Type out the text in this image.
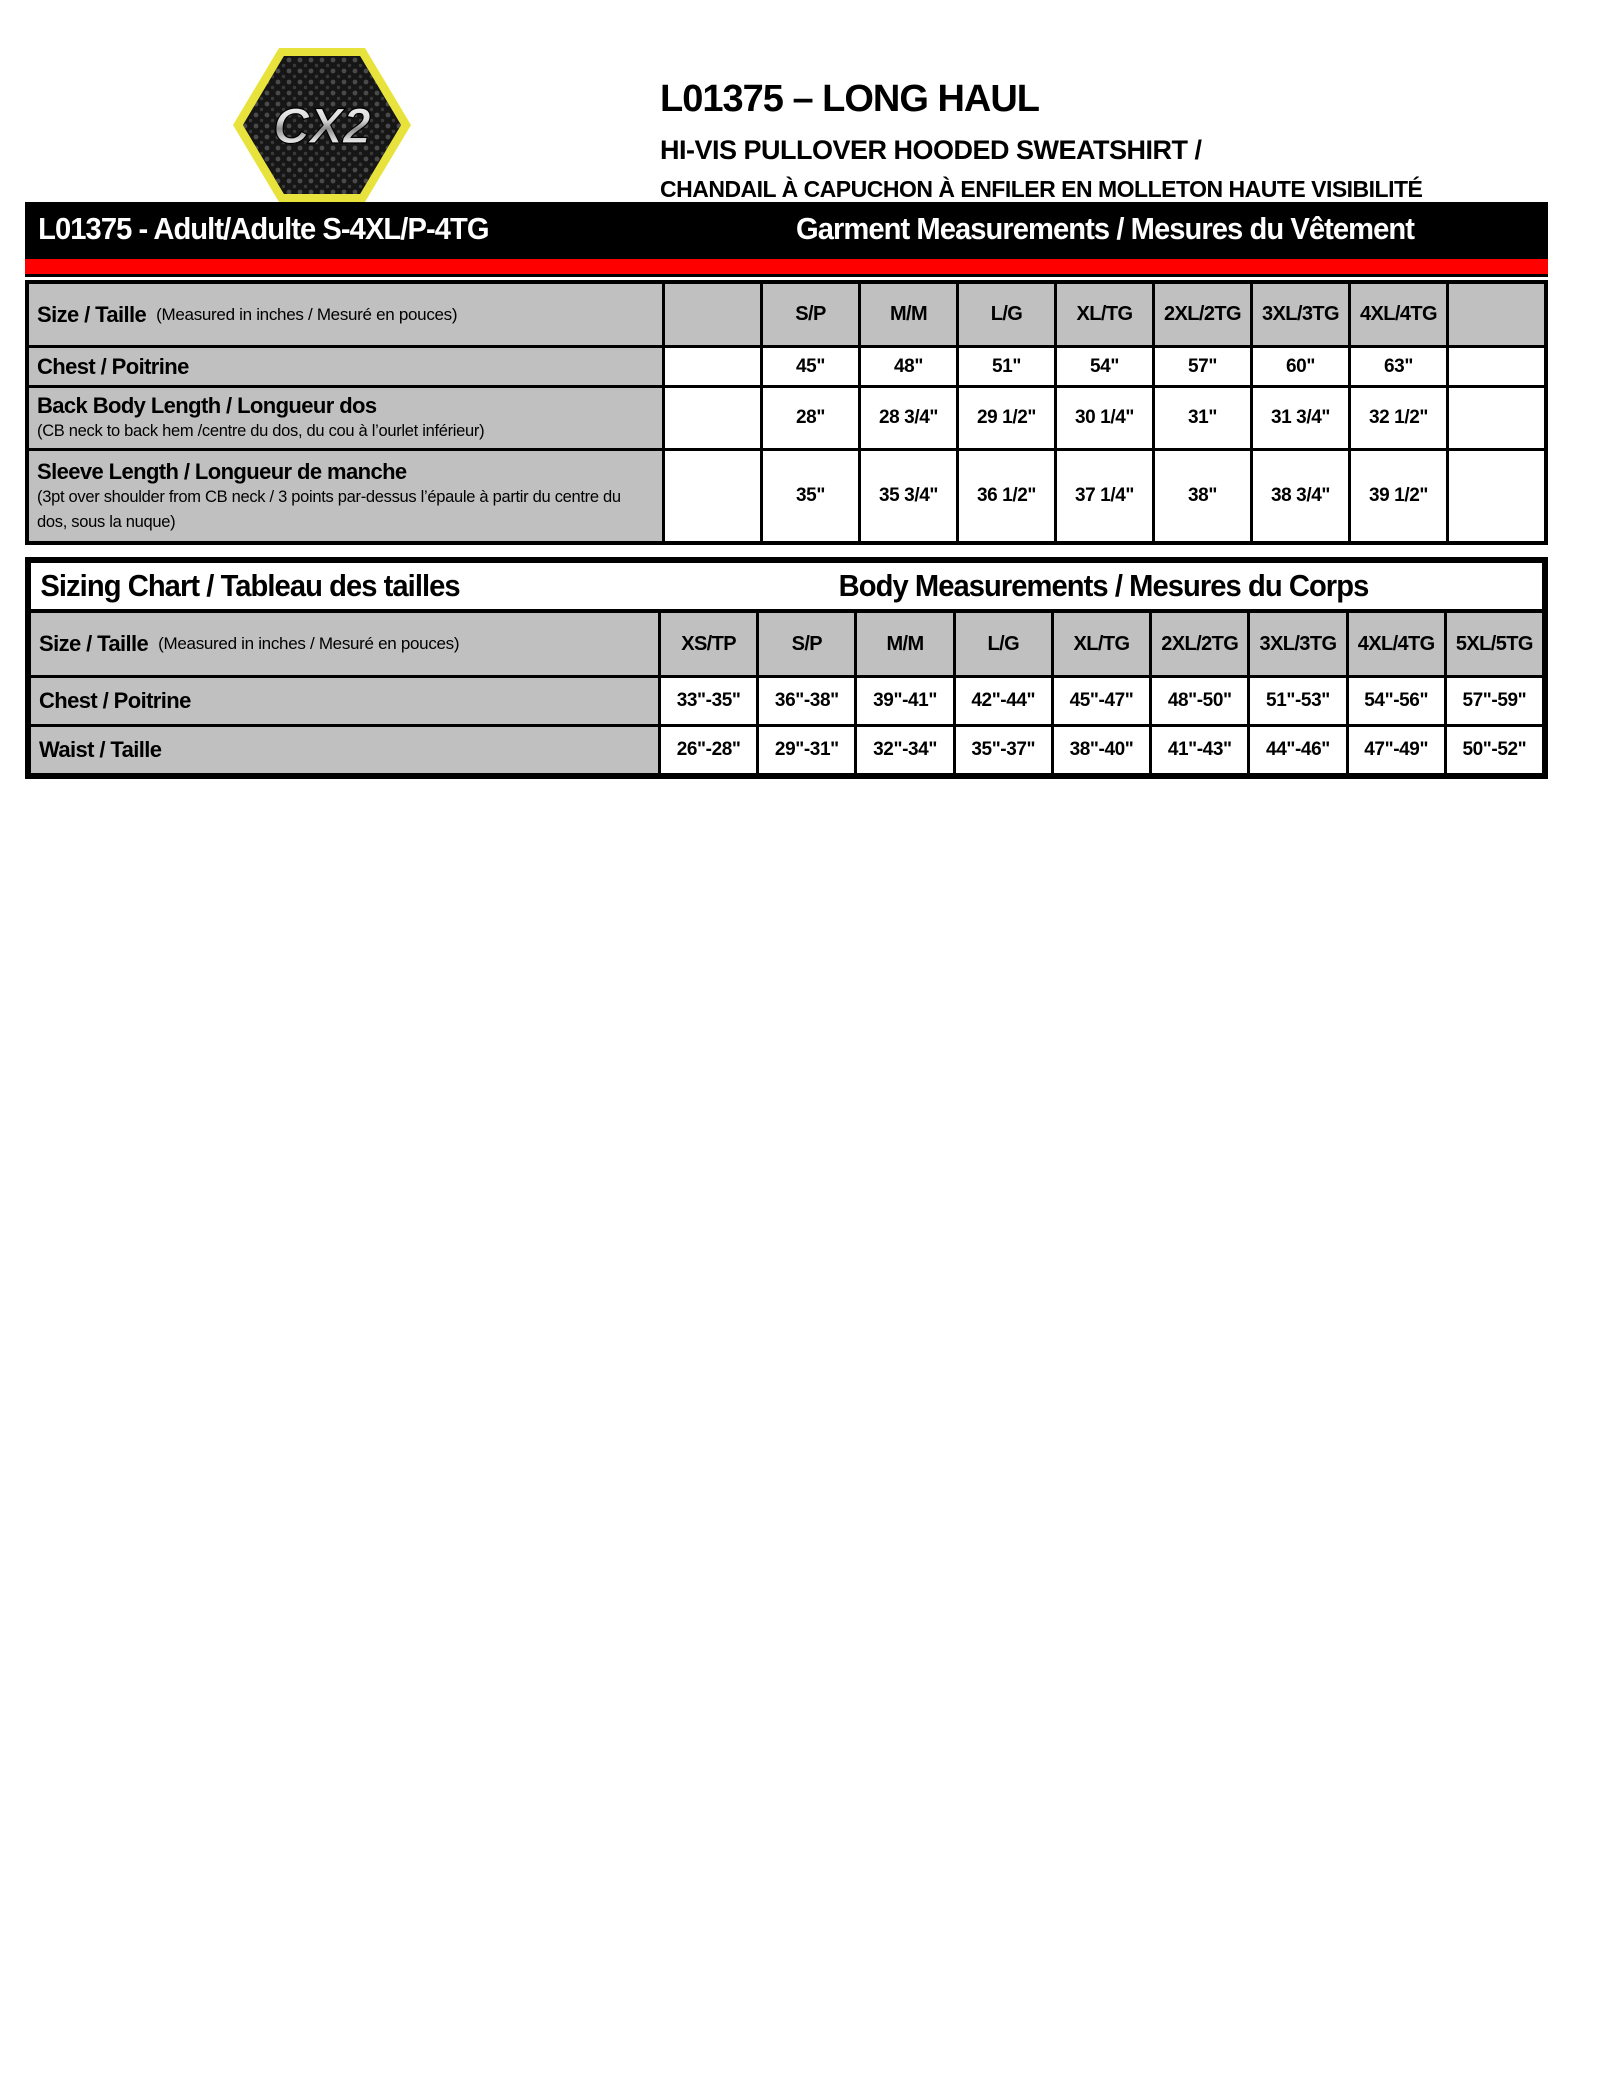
CX2	L01375 – LONG HAUL
HI-VIS PULLOVER HOODED SWEATSHIRT /
CHANDAIL À CAPUCHON À ENFILER EN MOLLETON HAUTE VISIBILITÉ
L01375 - Adult/Adulte S-4XL/P-4TG	Garment Measurements / Mesures du Vêtement
Size / Taille (Measured in inches / Mesuré en pouces)	S/P	M/M	L/G	XL/TG	2XL/2TG	3XL/3TG	4XL/4TG
Chest / Poitrine	45"	48"	51"	54"	57"	60"	63"
Back Body Length / Longueur dos
(CB neck to back hem /centre du dos, du cou à l’ourlet inférieur)
28"	28 3/4"	29 1/2"	30 1/4"	31"	31 3/4"	32 1/2"
Sleeve Length / Longueur de manche
(3pt over shoulder from CB neck / 3 points par-dessus l’épaule à partir du centre du dos, sous la nuque)
35"	35 3/4"	36 1/2"	37 1/4"	38"	38 3/4"	39 1/2"
Sizing Chart / Tableau des tailles	Body Measurements / Mesures du Corps
Size / Taille (Measured in inches / Mesuré en pouces)	XS/TP	S/P	M/M	L/G	XL/TG	2XL/2TG	3XL/3TG	4XL/4TG	5XL/5TG
Chest / Poitrine	33"-35"	36"-38"	39"-41"	42"-44"	45"-47"	48"-50"	51"-53"	54"-56"	57"-59"
Waist / Taille	26"-28"	29"-31"	32"-34"	35"-37"	38"-40"	41"-43"	44"-46"	47"-49"	50"-52"
